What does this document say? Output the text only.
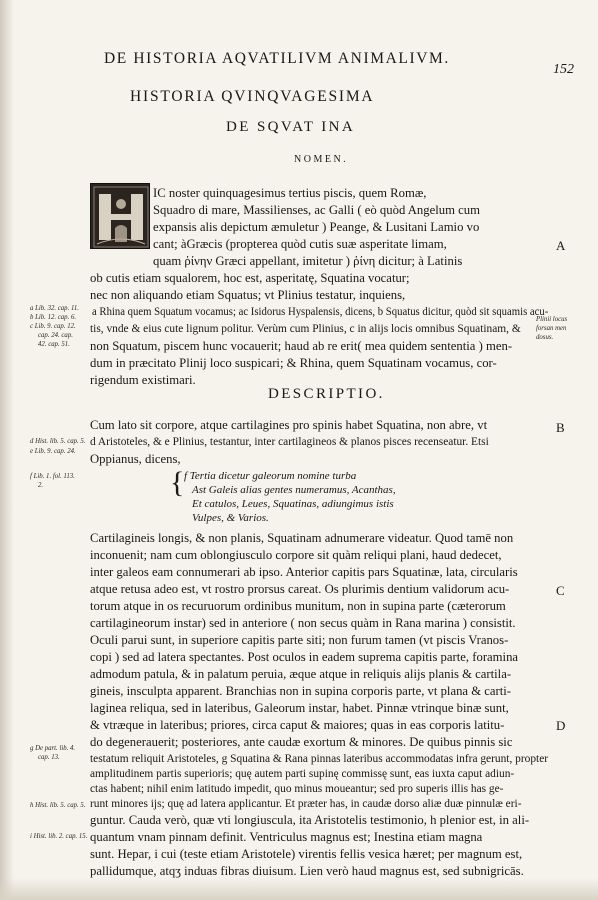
DE HISTORIA AQVATILIVM ANIMALIVM.
152
HISTORIA QVINQVAGESIMA
DE SQVAT INA
NOMEN.
IC noster quinquagesimus tertius piscis, quem Romæ,
Squadro di mare, Massilienses, ac Galli ( eò quòd Angelum cum
expansis alis depictum æmuletur ) Peange, & Lusitani Lamio vo
cant; àGræcis (propterea quòd cutis suæ asperitate limam,
quam ῥίνην Græci appellant, imitetur ) ῥίνη dicitur; à Latinis
ob cutis etiam squalorem, hoc est, asperitatę, Squatina vocatur;
nec non aliquando etiam Squatus; vt Plinius testatur, inquiens,
a Rhina quem Squatum vocamus; ac Isidorus Hyspalensis, dicens, b Squatus dicitur, quòd sit squamis acu-
tis, vnde & eius cute lignum politur. Verùm cum Plinius, c in alijs locis omnibus Squatinam, &
non Squatum, piscem hunc vocauerit; haud ab re erit( mea quidem sententia ) men-
dum in præcitato Plinij loco suspicari; & Rhina, quem Squatinam vocamus, cor-
rigendum existimari.
DESCRIPTIO.
Cum lato sit corpore, atque cartilagines pro spinis habet Squatina, non abre, vt
d Aristoteles, & e Plinius, testantur, inter cartilagineos & planos pisces recenseatur. Etsi
Oppianus, dicens,
{ f Tertia dicetur galeorum nomine turba
Ast Galeis alias gentes numeramus, Acanthas,
Et catulos, Leues, Squatinas, adiungimus istis
Vulpes, & Varios.
Cartilagineis longis, & non planis, Squatinam adnumerare videatur. Quod tamē non
inconuenit; nam cum oblongiusculo corpore sit quàm reliqui plani, haud dedecet,
inter galeos eam connumerari ab ipso. Anterior capitis pars Squatinæ, lata, circularis
atque retusa adeo est, vt rostro prorsus careat. Os plurimis dentium validorum acu-
torum atque in os recuruorum ordinibus munitum, non in supina parte (cæterorum
cartilagineorum instar) sed in anteriore ( non secus quàm in Rana marina ) consistit.
Oculi parui sunt, in superiore capitis parte siti; non furum tamen (vt piscis Vranos-
copi ) sed ad latera spectantes. Post oculos in eadem suprema capitis parte, foramina
admodum patula, & in palatum peruia, æque atque in reliquis alijs planis & cartila-
gineis, insculpta apparent. Branchias non in supina corporis parte, vt plana & carti-
laginea reliqua, sed in lateribus, Galeorum instar, habet. Pinnæ vtrinque binæ sunt,
& vtræque in lateribus; priores, circa caput & maiores; quas in eas corporis latitu-
do degenerauerit; posteriores, ante caudæ exortum & minores. De quibus pinnis sic
testatum reliquit Aristoteles, g Squatina & Rana pinnas lateribus accommodatas infra gerunt, propter
amplitudinem partis superioris; quę autem parti supinę commissę sunt, eas iuxta caput adiun-
ctas habent; nihil enim latitudo impedit, quo minus moueantur; sed pro superis illis has ge-
runt minores ijs; quę ad latera applicantur. Et præter has, in caudæ dorso aliæ duæ pinnulæ eri-
guntur. Cauda verò, quæ vti longiuscula, ita Aristotelis testimonio, h plenior est, in ali-
quantum vnam pinnam definit. Ventriculus magnus est; Inestina etiam magna
sunt. Hepar, i cui (teste etiam Aristotele) virentis fellis vesica hæret; per magnum est,
pallidumque, atqʒ induas fibras diuisum. Lien verò haud magnus est, sed subnigricās.
a Lib. 32. cap. 11.
b Lib. 12. cap. 6.
c Lib. 9. cap. 12.
cap. 24. cap.
42. cap. 51.
d Hist. lib. 5. cap. 5.
e Lib. 9. cap. 24.
f Lib. 1. fol. 113.
2.
g De part. lib. 4.
cap. 13.
h Hist. lib. 5. cap. 5.
i Hist. lib. 2. cap. 15.
Plinii locus
forsan men
dosus.
A
B
C
D
